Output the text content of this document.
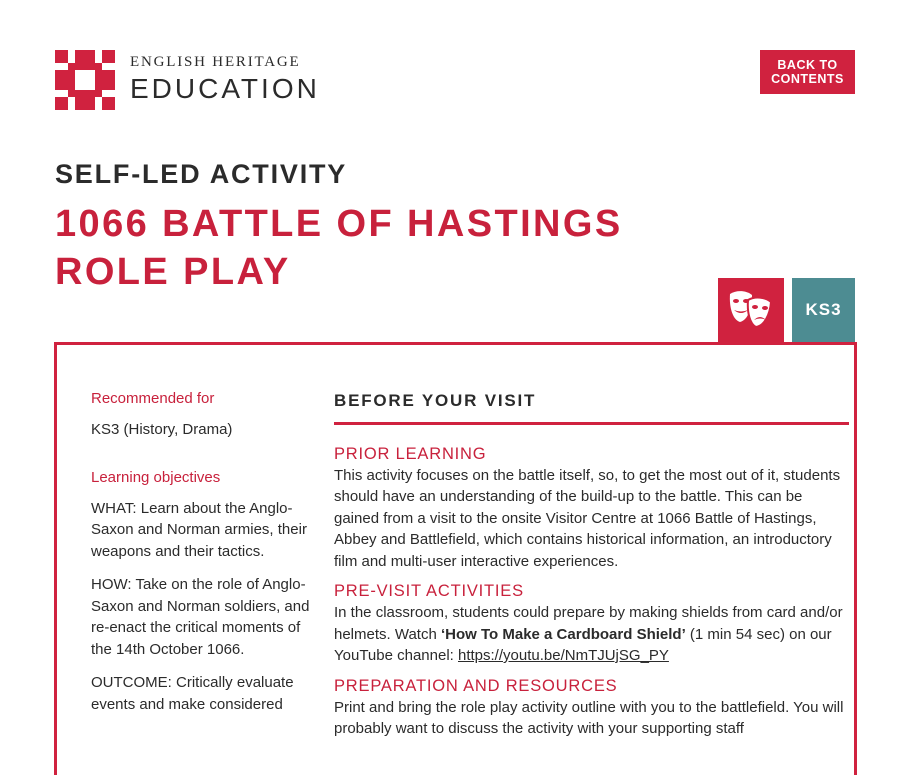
ENGLISH HERITAGE
EDUCATION
BACK TO
CONTENTS
SELF-LED ACTIVITY
1066 BATTLE OF HASTINGS
ROLE PLAY
KS3
Recommended for
KS3 (History, Drama)
Learning objectives
WHAT: Learn about the Anglo-Saxon and Norman armies, their weapons and their tactics.
HOW: Take on the role of Anglo-Saxon and Norman soldiers, and re-enact the critical moments of the 14th October 1066.
OUTCOME: Critically evaluate events and make considered
BEFORE YOUR VISIT
PRIOR LEARNING
This activity focuses on the battle itself, so, to get the most out of it, students should have an understanding of the build-up to the battle. This can be gained from a visit to the onsite Visitor Centre at 1066 Battle of Hastings, Abbey and Battlefield, which contains historical information, an introductory film and multi-user interactive experiences.
PRE-VISIT ACTIVITIES
In the classroom, students could prepare by making shields from card and/or helmets. Watch ‘How To Make a Cardboard Shield’ (1 min 54 sec) on our YouTube channel: https://youtu.be/NmTJUjSG_PY
PREPARATION AND RESOURCES
Print and bring the role play activity outline with you to the battlefield. You will probably want to discuss the activity with your supporting staff
